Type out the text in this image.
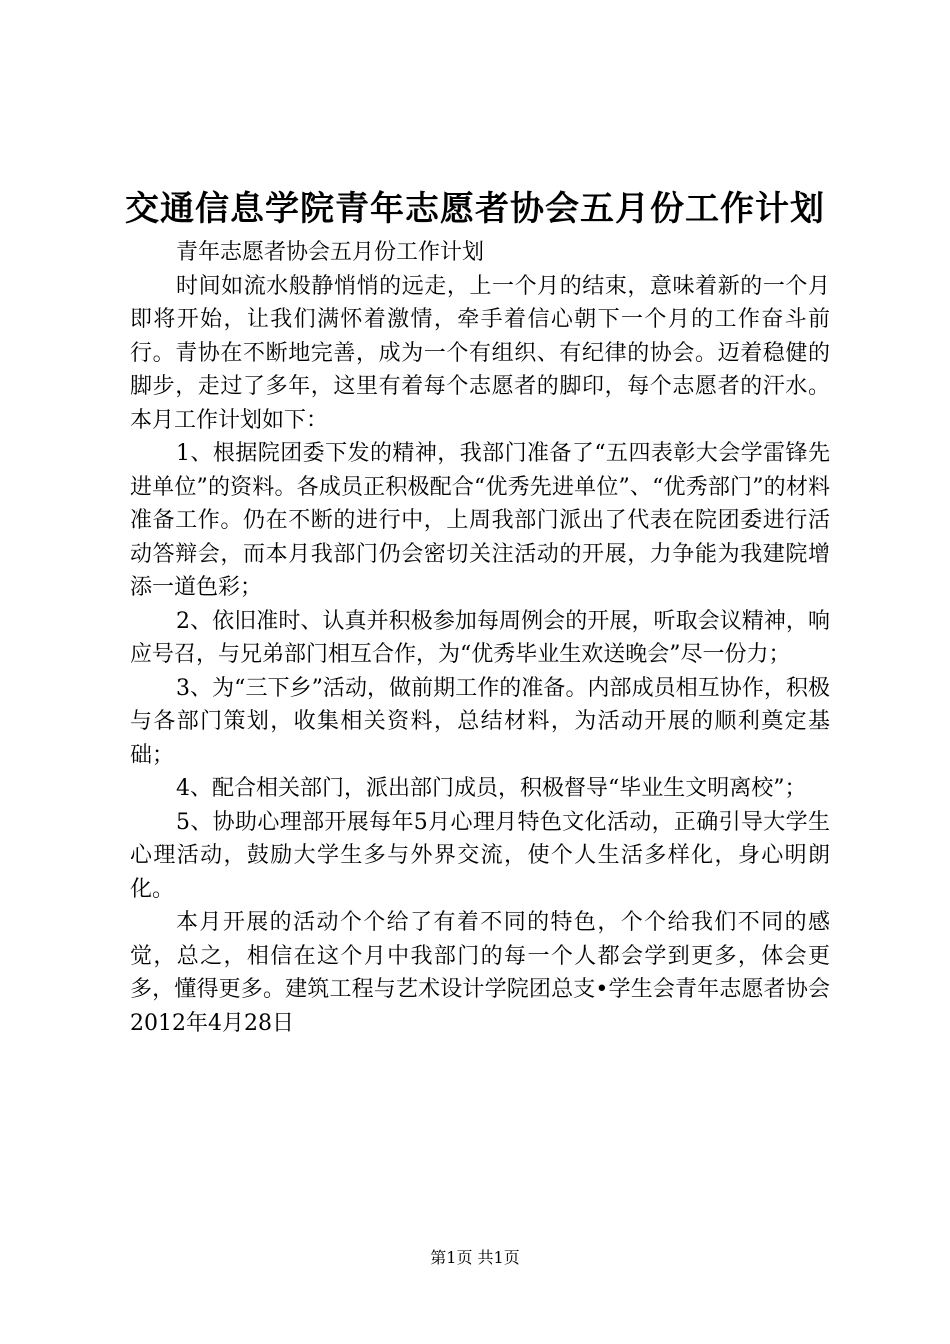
交通信息学院青年志愿者协会五月份工作计划

青年志愿者协会五月份工作计划

时间如流水般静悄悄的远走，上一个月的结束，意味着新的一个月即将开始，让我们满怀着激情，牵手着信心朝下一个月的工作奋斗前行。青协在不断地完善，成为一个有组织、有纪律的协会。迈着稳健的脚步，走过了多年，这里有着每个志愿者的脚印，每个志愿者的汗水。本月工作计划如下：

1、根据院团委下发的精神，我部门准备了“五四表彰大会学雷锋先进单位”的资料。各成员正积极配合“优秀先进单位”、“优秀部门”的材料准备工作。仍在不断的进行中，上周我部门派出了代表在院团委进行活动答辩会，而本月我部门仍会密切关注活动的开展，力争能为我建院增添一道色彩；

2、依旧准时、认真并积极参加每周例会的开展，听取会议精神，响应号召，与兄弟部门相互合作，为“优秀毕业生欢送晚会”尽一份力；

3、为“三下乡”活动，做前期工作的准备。内部成员相互协作，积极与各部门策划，收集相关资料，总结材料，为活动开展的顺利奠定基础；

4、配合相关部门，派出部门成员，积极督导“毕业生文明离校”；

5、协助心理部开展每年5月心理月特色文化活动，正确引导大学生心理活动，鼓励大学生多与外界交流，使个人生活多样化，身心明朗化。

本月开展的活动个个给了有着不同的特色，个个给我们不同的感觉，总之，相信在这个月中我部门的每一个人都会学到更多，体会更多，懂得更多。建筑工程与艺术设计学院团总支•学生会青年志愿者协会2012年4月28日

第1页 共1页
